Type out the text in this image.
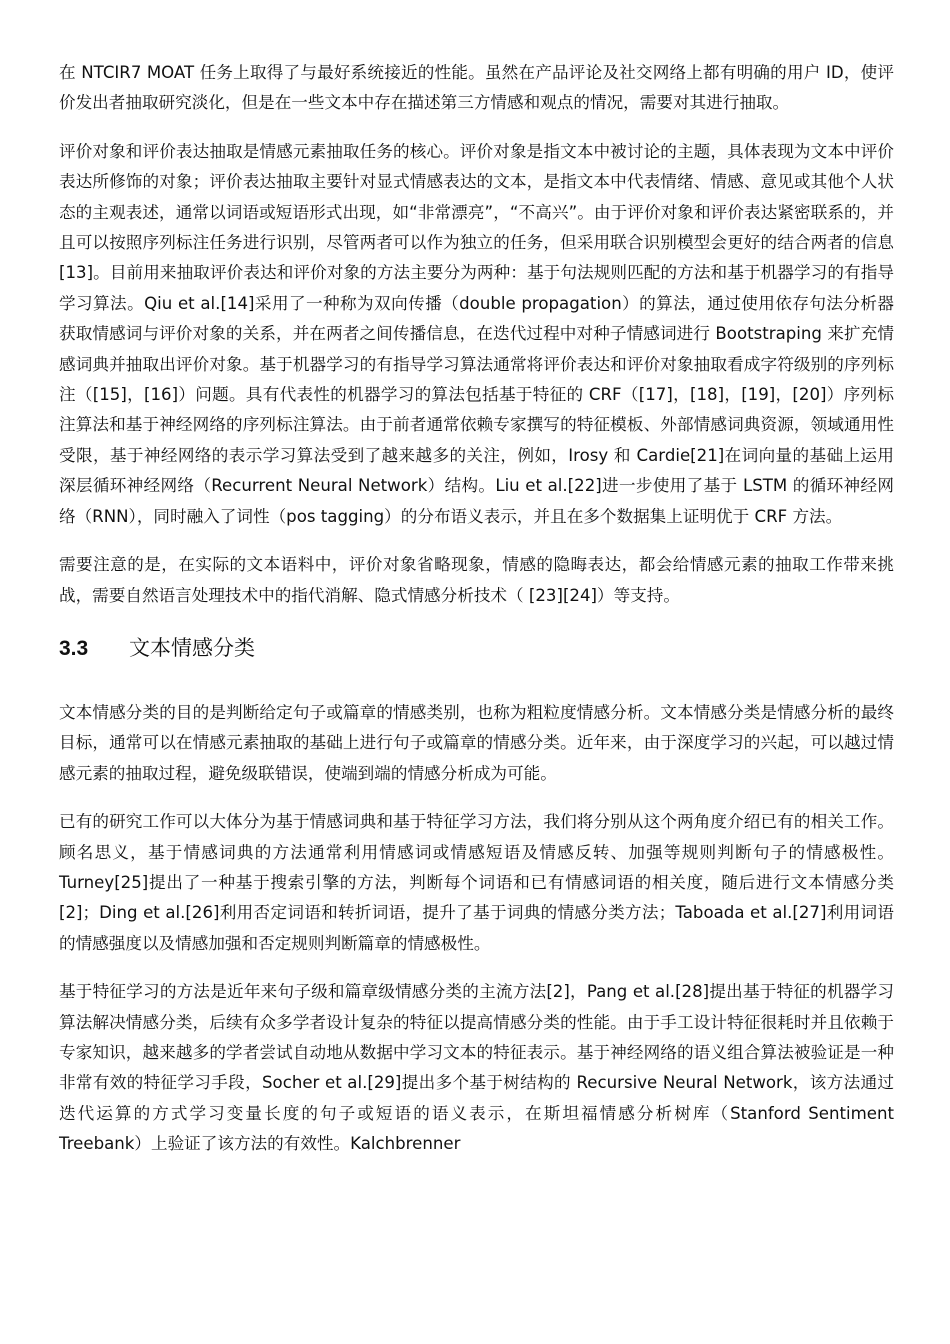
在 NTCIR7 MOAT 任务上取得了与最好系统接近的性能。虽然在产品评论及社交网络上都有明确的用户 ID，使评价发出者抽取研究淡化，但是在一些文本中存在描述第三方情感和观点的情况，需要对其进行抽取。

评价对象和评价表达抽取是情感元素抽取任务的核心。评价对象是指文本中被讨论的主题，具体表现为文本中评价表达所修饰的对象；评价表达抽取主要针对显式情感表达的文本，是指文本中代表情绪、情感、意见或其他个人状态的主观表述，通常以词语或短语形式出现，如“非常漂亮”，“不高兴”。由于评价对象和评价表达紧密联系的，并且可以按照序列标注任务进行识别，尽管两者可以作为独立的任务，但采用联合识别模型会更好的结合两者的信息[13]。目前用来抽取评价表达和评价对象的方法主要分为两种：基于句法规则匹配的方法和基于机器学习的有指导学习算法。Qiu et al.[14]采用了一种称为双向传播（double propagation）的算法，通过使用依存句法分析器获取情感词与评价对象的关系，并在两者之间传播信息，在迭代过程中对种子情感词进行 Bootstraping 来扩充情感词典并抽取出评价对象。基于机器学习的有指导学习算法通常将评价表达和评价对象抽取看成字符级别的序列标注（[15]，[16]）问题。具有代表性的机器学习的算法包括基于特征的 CRF（[17]，[18]，[19]，[20]）序列标注算法和基于神经网络的序列标注算法。由于前者通常依赖专家撰写的特征模板、外部情感词典资源，领域通用性受限，基于神经网络的表示学习算法受到了越来越多的关注，例如，Irosy 和 Cardie[21]在词向量的基础上运用深层循环神经网络（Recurrent Neural Network）结构。Liu et al.[22]进一步使用了基于 LSTM 的循环神经网络（RNN），同时融入了词性（pos tagging）的分布语义表示，并且在多个数据集上证明优于 CRF 方法。

需要注意的是，在实际的文本语料中，评价对象省略现象，情感的隐晦表达，都会给情感元素的抽取工作带来挑战，需要自然语言处理技术中的指代消解、隐式情感分析技术（ [23][24]）等支持。

3.3	文本情感分类

文本情感分类的目的是判断给定句子或篇章的情感类别，也称为粗粒度情感分析。文本情感分类是情感分析的最终目标，通常可以在情感元素抽取的基础上进行句子或篇章的情感分类。近年来，由于深度学习的兴起，可以越过情感元素的抽取过程，避免级联错误，使端到端的情感分析成为可能。

已有的研究工作可以大体分为基于情感词典和基于特征学习方法，我们将分别从这个两角度介绍已有的相关工作。顾名思义，基于情感词典的方法通常利用情感词或情感短语及情感反转、加强等规则判断句子的情感极性。Turney[25]提出了一种基于搜索引擎的方法，判断每个词语和已有情感词语的相关度，随后进行文本情感分类[2]；Ding et al.[26]利用否定词语和转折词语，提升了基于词典的情感分类方法；Taboada et al.[27]利用词语的情感强度以及情感加强和否定规则判断篇章的情感极性。

基于特征学习的方法是近年来句子级和篇章级情感分类的主流方法[2]，Pang et al.[28]提出基于特征的机器学习算法解决情感分类，后续有众多学者设计复杂的特征以提高情感分类的性能。由于手工设计特征很耗时并且依赖于专家知识，越来越多的学者尝试自动地从数据中学习文本的特征表示。基于神经网络的语义组合算法被验证是一种非常有效的特征学习手段，Socher et al.[29]提出多个基于树结构的 Recursive Neural Network，该方法通过迭代运算的方式学习变量长度的句子或短语的语义表示，在斯坦福情感分析树库（Stanford Sentiment Treebank）上验证了该方法的有效性。Kalchbrenner
